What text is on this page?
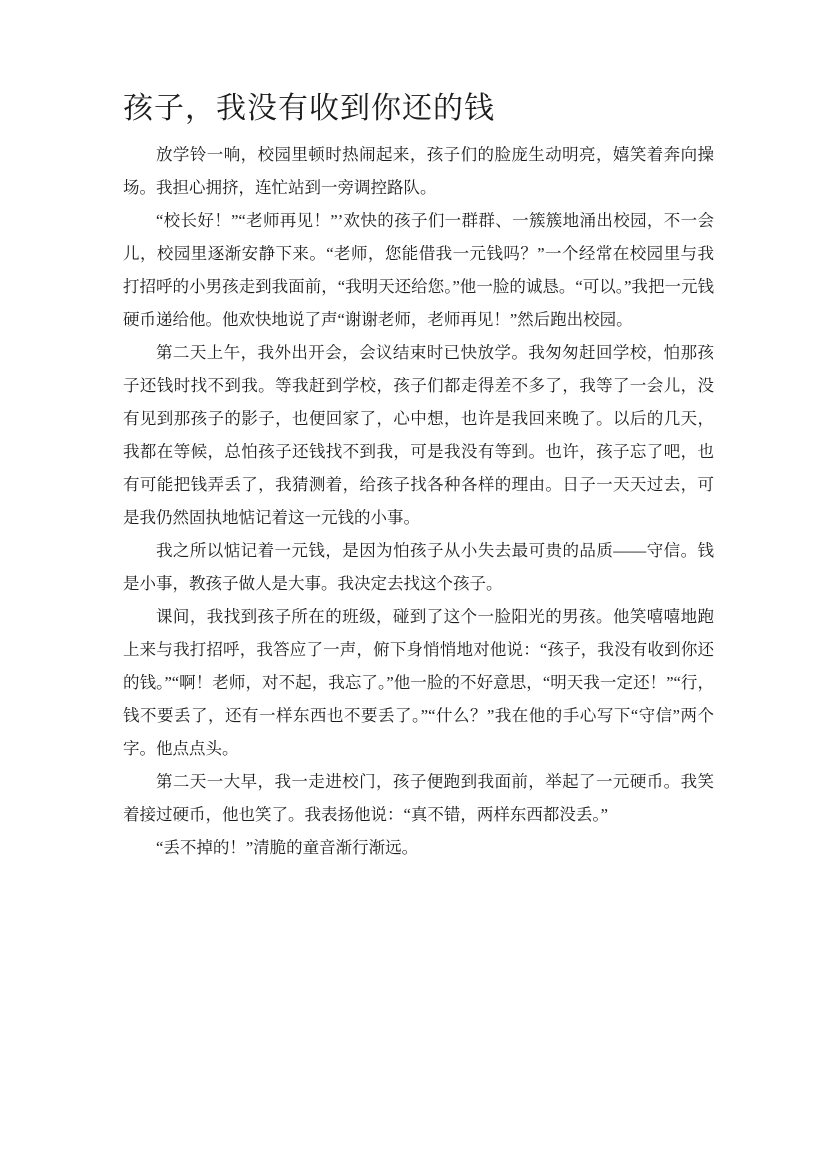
孩子，我没有收到你还的钱

放学铃一响，校园里顿时热闹起来，孩子们的脸庞生动明亮，嬉笑着奔向操场。我担心拥挤，连忙站到一旁调控路队。

“校长好！”“老师再见！”’欢快的孩子们一群群、一簇簇地涌出校园，不一会儿，校园里逐渐安静下来。“老师，您能借我一元钱吗？”一个经常在校园里与我打招呼的小男孩走到我面前，“我明天还给您。”他一脸的诚恳。“可以。”我把一元钱硬币递给他。他欢快地说了声“谢谢老师，老师再见！”然后跑出校园。

第二天上午，我外出开会，会议结束时已快放学。我匆匆赶回学校，怕那孩子还钱时找不到我。等我赶到学校，孩子们都走得差不多了，我等了一会儿，没有见到那孩子的影子，也便回家了，心中想，也许是我回来晚了。以后的几天，我都在等候，总怕孩子还钱找不到我，可是我没有等到。也许，孩子忘了吧，也有可能把钱弄丢了，我猜测着，给孩子找各种各样的理由。日子一天天过去，可是我仍然固执地惦记着这一元钱的小事。

我之所以惦记着一元钱，是因为怕孩子从小失去最可贵的品质——守信。钱是小事，教孩子做人是大事。我决定去找这个孩子。

课间，我找到孩子所在的班级，碰到了这个一脸阳光的男孩。他笑嘻嘻地跑上来与我打招呼，我答应了一声，俯下身悄悄地对他说：“孩子，我没有收到你还的钱。”“啊！老师，对不起，我忘了。”他一脸的不好意思，“明天我一定还！”“行，钱不要丢了，还有一样东西也不要丢了。”“什么？”我在他的手心写下“守信”两个字。他点点头。

第二天一大早，我一走进校门，孩子便跑到我面前，举起了一元硬币。我笑着接过硬币，他也笑了。我表扬他说：“真不错，两样东西都没丢。”

“丢不掉的！”清脆的童音渐行渐远。
